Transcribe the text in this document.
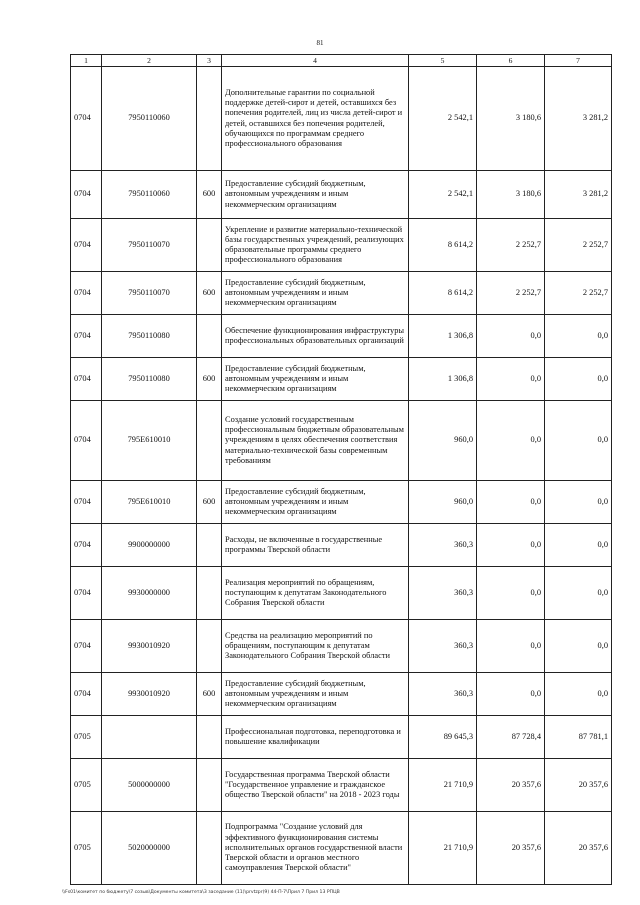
81
1	2	3	4	5	6	7
0704	7950110060		Дополнительные гарантии по социальной поддержке детей-сирот и детей, оставшихся без попечения родителей, лиц из числа детей-сирот и детей, оставшихся без попечения родителей, обучающихся по программам среднего профессионального образования	2 542,1	3 180,6	3 281,2
0704	7950110060	600	Предоставление субсидий бюджетным, автономным учреждениям и иным некоммерческим организациям	2 542,1	3 180,6	3 281,2
0704	7950110070		Укрепление и развитие материально-технической базы государственных учреждений, реализующих образовательные программы среднего профессионального образования	8 614,2	2 252,7	2 252,7
0704	7950110070	600	Предоставление субсидий бюджетным, автономным учреждениям и иным некоммерческим организациям	8 614,2	2 252,7	2 252,7
0704	7950110080		Обеспечение функционирования инфраструктуры профессиональных образовательных организаций	1 306,8	0,0	0,0
0704	7950110080	600	Предоставление субсидий бюджетным, автономным учреждениям и иным некоммерческим организациям	1 306,8	0,0	0,0
0704	795E610010		Создание условий государственным профессиональным бюджетным образовательным учреждениям в целях обеспечения соответствия материально-технической базы современным требованиям	960,0	0,0	0,0
0704	795E610010	600	Предоставление субсидий бюджетным, автономным учреждениям и иным некоммерческим организациям	960,0	0,0	0,0
0704	9900000000		Расходы, не включенные в государственные программы Тверской области	360,3	0,0	0,0
0704	9930000000		Реализация мероприятий по обращениям, поступающим к депутатам Законодательного Собрания Тверской области	360,3	0,0	0,0
0704	9930010920		Средства на реализацию мероприятий по обращениям, поступающим к депутатам Законодательного Собрания Тверской области	360,3	0,0	0,0
0704	9930010920	600	Предоставление субсидий бюджетным, автономным учреждениям и иным некоммерческим организациям	360,3	0,0	0,0
0705			Профессиональная подготовка, переподготовка и повышение квалификации	89 645,3	87 728,4	87 781,1
0705	5000000000		Государственная программа Тверской области "Государственное управление и гражданское общество Тверской области" на 2018 - 2023 годы	21 710,9	20 357,6	20 357,6
0705	5020000000		Подпрограмма "Создание условий для эффективного функционирования системы исполнительных органов государственной власти Тверской области и органов местного самоуправления Тверской области"	21 710,9	20 357,6	20 357,6
\\Fs01\комитет по бюджету\7 созыв\Документы комитета\3 заседание (11)\prvtzpr(9) 44-П-7\Прил 7 Прил 13 РПЦВ
